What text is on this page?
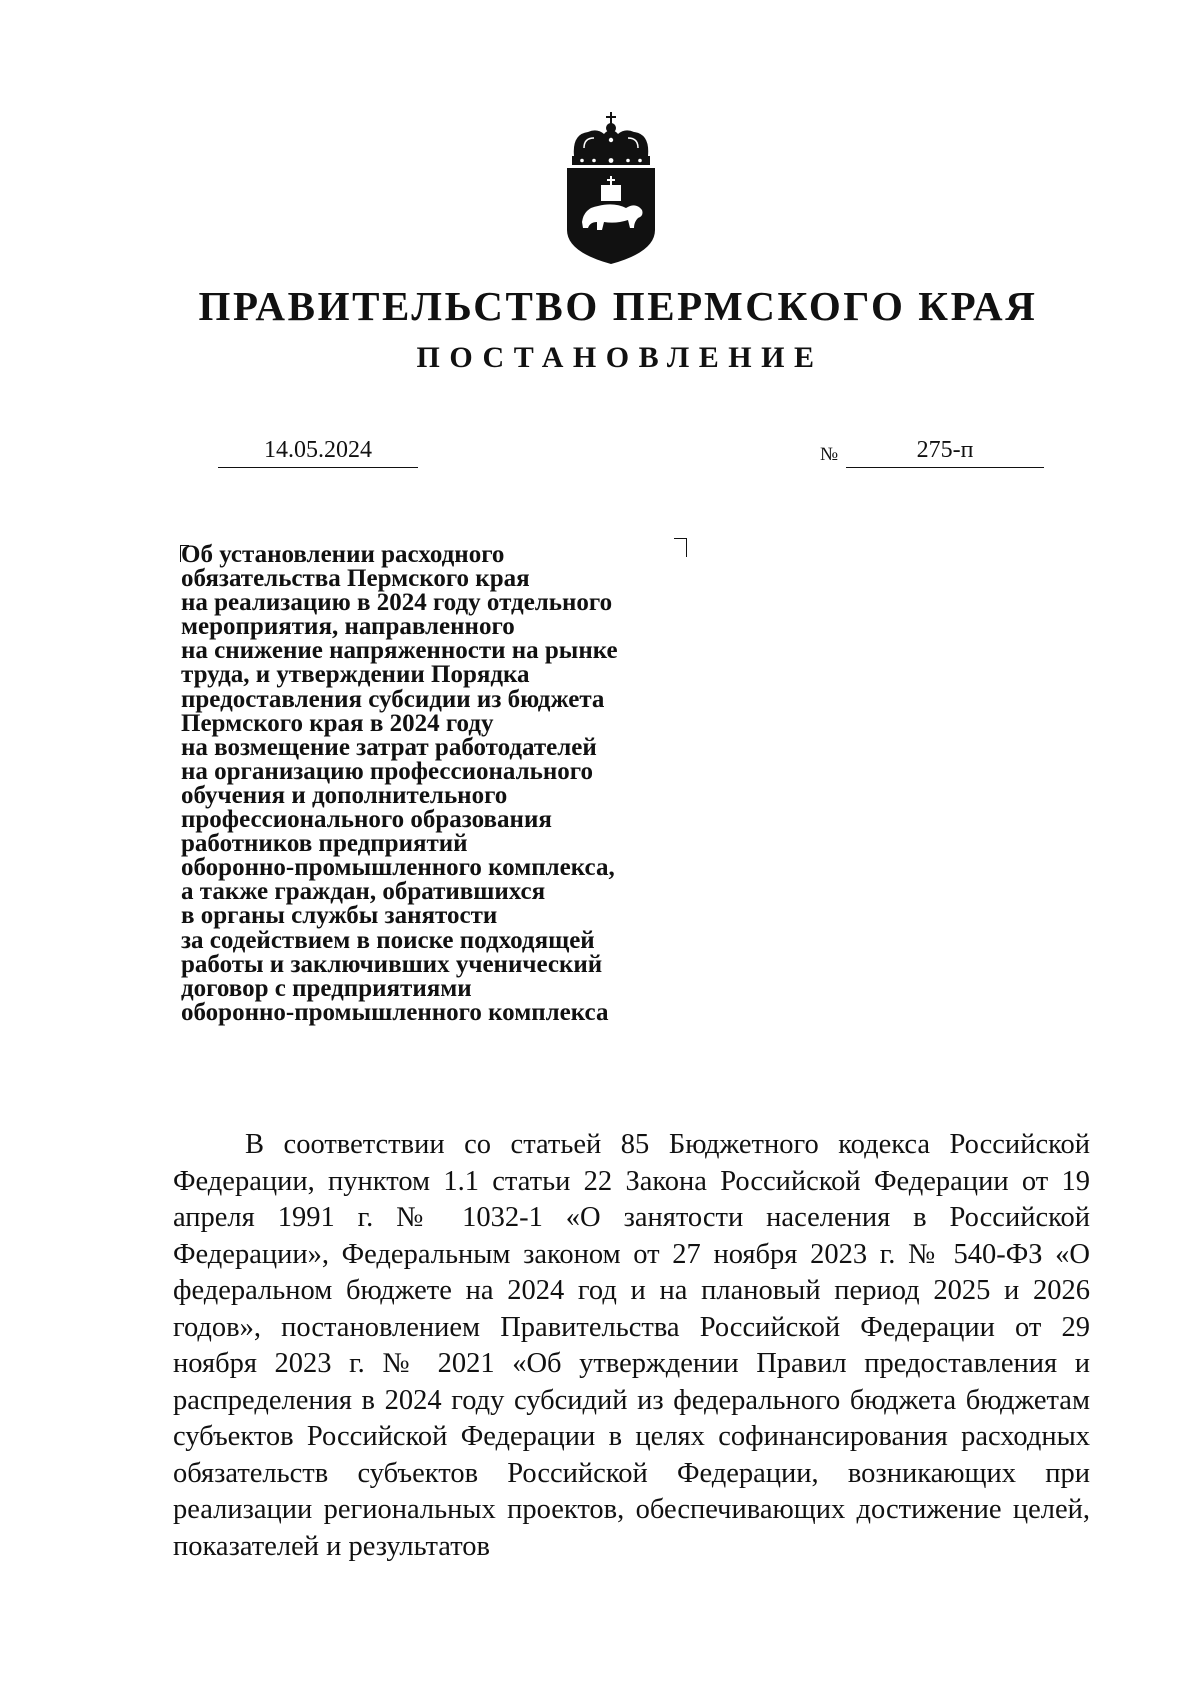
ПРАВИТЕЛЬСТВО ПЕРМСКОГО КРАЯ
ПОСТАНОВЛЕНИЕ
14.05.2024	№	275-п
Об установлении расходного
обязательства Пермского края
на реализацию в 2024 году отдельного
мероприятия, направленного
на снижение напряженности на рынке
труда, и утверждении Порядка
предоставления субсидии из бюджета
Пермского края в 2024 году
на возмещение затрат работодателей
на организацию профессионального
обучения и дополнительного
профессионального образования
работников предприятий
оборонно-промышленного комплекса,
а также граждан, обратившихся
в органы службы занятости
за содействием в поиске подходящей
работы и заключивших ученический
договор с предприятиями
оборонно-промышленного комплекса

В соответствии со статьей 85 Бюджетного кодекса Российской Федерации, пунктом 1.1 статьи 22 Закона Российской Федерации от 19 апреля 1991 г. № 1032-1 «О занятости населения в Российской Федерации», Федеральным законом от 27 ноября 2023 г. № 540-ФЗ «О федеральном бюджете на 2024 год и на плановый период 2025 и 2026 годов», постановлением Правительства Российской Федерации от 29 ноября 2023 г. № 2021 «Об утверждении Правил предоставления и распределения в 2024 году субсидий из федерального бюджета бюджетам субъектов Российской Федерации в целях софинансирования расходных обязательств субъектов Российской Федерации, возникающих при реализации региональных проектов, обеспечивающих достижение целей, показателей и результатов
